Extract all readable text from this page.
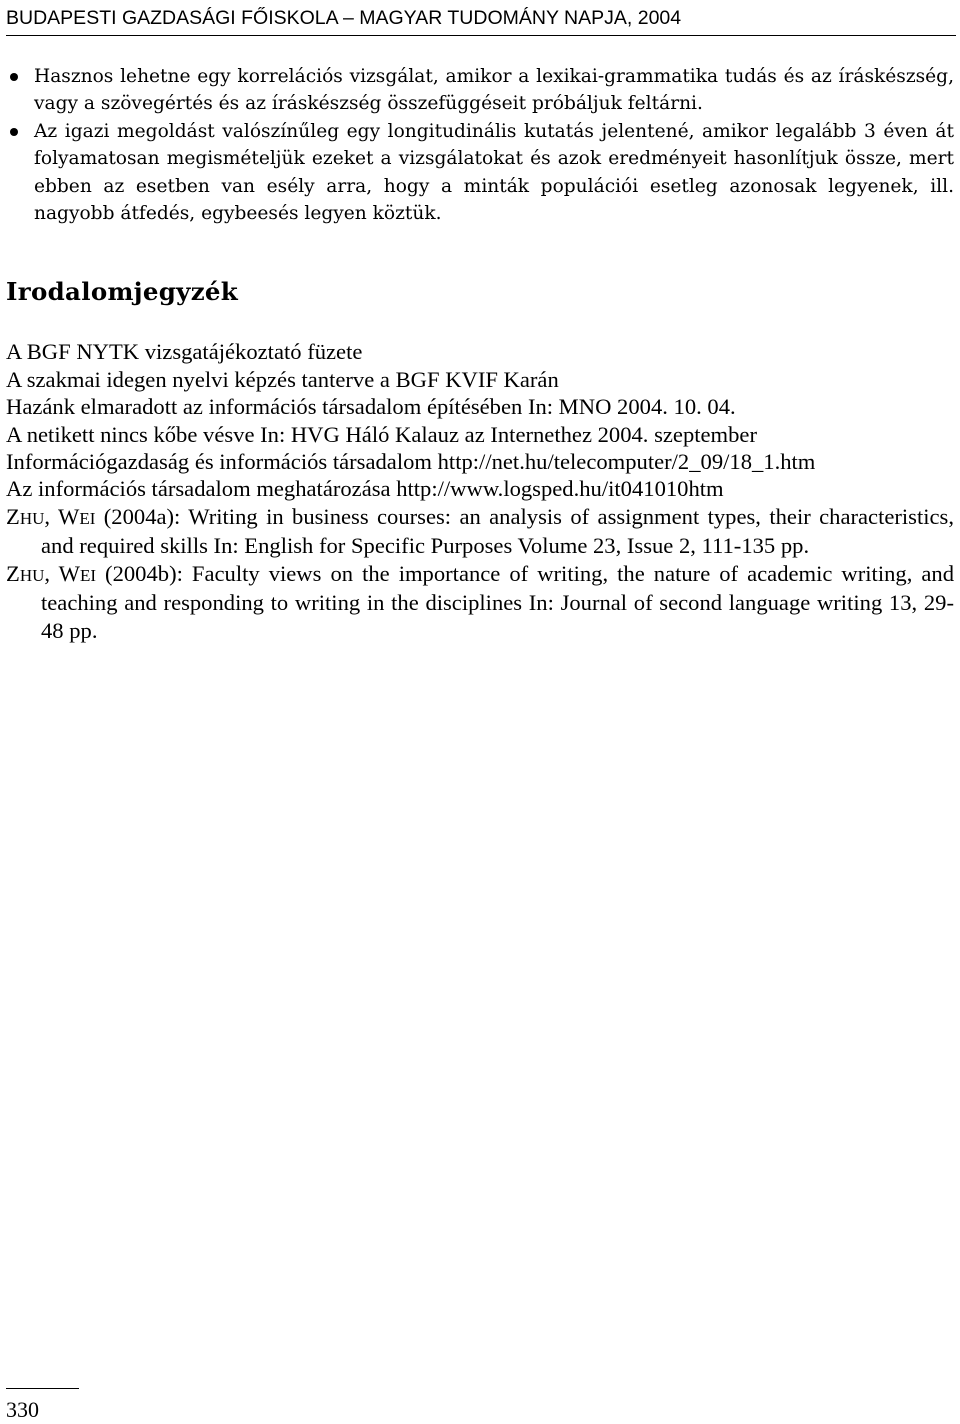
BUDAPESTI GAZDASÁGI FŐISKOLA – MAGYAR TUDOMÁNY NAPJA, 2004
Hasznos lehetne egy korrelációs vizsgálat, amikor a lexikai-grammatika tudás és az íráskészség, vagy a szövegértés és az íráskészség összefüggéseit próbáljuk feltárni.
Az igazi megoldást valószínűleg egy longitudinális kutatás jelentené, amikor legalább 3 éven át folyamatosan megismételjük ezeket a vizsgálatokat és azok eredményeit hasonlítjuk össze, mert ebben az esetben van esély arra, hogy a minták populációi esetleg azonosak legyenek, ill. nagyobb átfedés, egybeesés legyen köztük.
Irodalomjegyzék
A BGF NYTK vizsgatájékoztató füzete
A szakmai idegen nyelvi képzés tanterve a BGF KVIF Karán
Hazánk elmaradott az információs társadalom építésében In: MNO 2004. 10. 04.
A netikett nincs kőbe vésve In: HVG Háló Kalauz az Internethez 2004. szeptember
Információgazdaság és információs társadalom http://net.hu/telecomputer/2_09/18_1.htm
Az információs társadalom meghatározása http://www.logsped.hu/it041010htm
ZHU, WEI (2004a): Writing in business courses: an analysis of assignment types, their characteristics, and required skills In: English for Specific Purposes Volume 23, Issue 2, 111-135 pp.
ZHU, WEI (2004b): Faculty views on the importance of writing, the nature of academic writing, and teaching and responding to writing in the disciplines In: Journal of second language writing 13, 29-48 pp.
330
